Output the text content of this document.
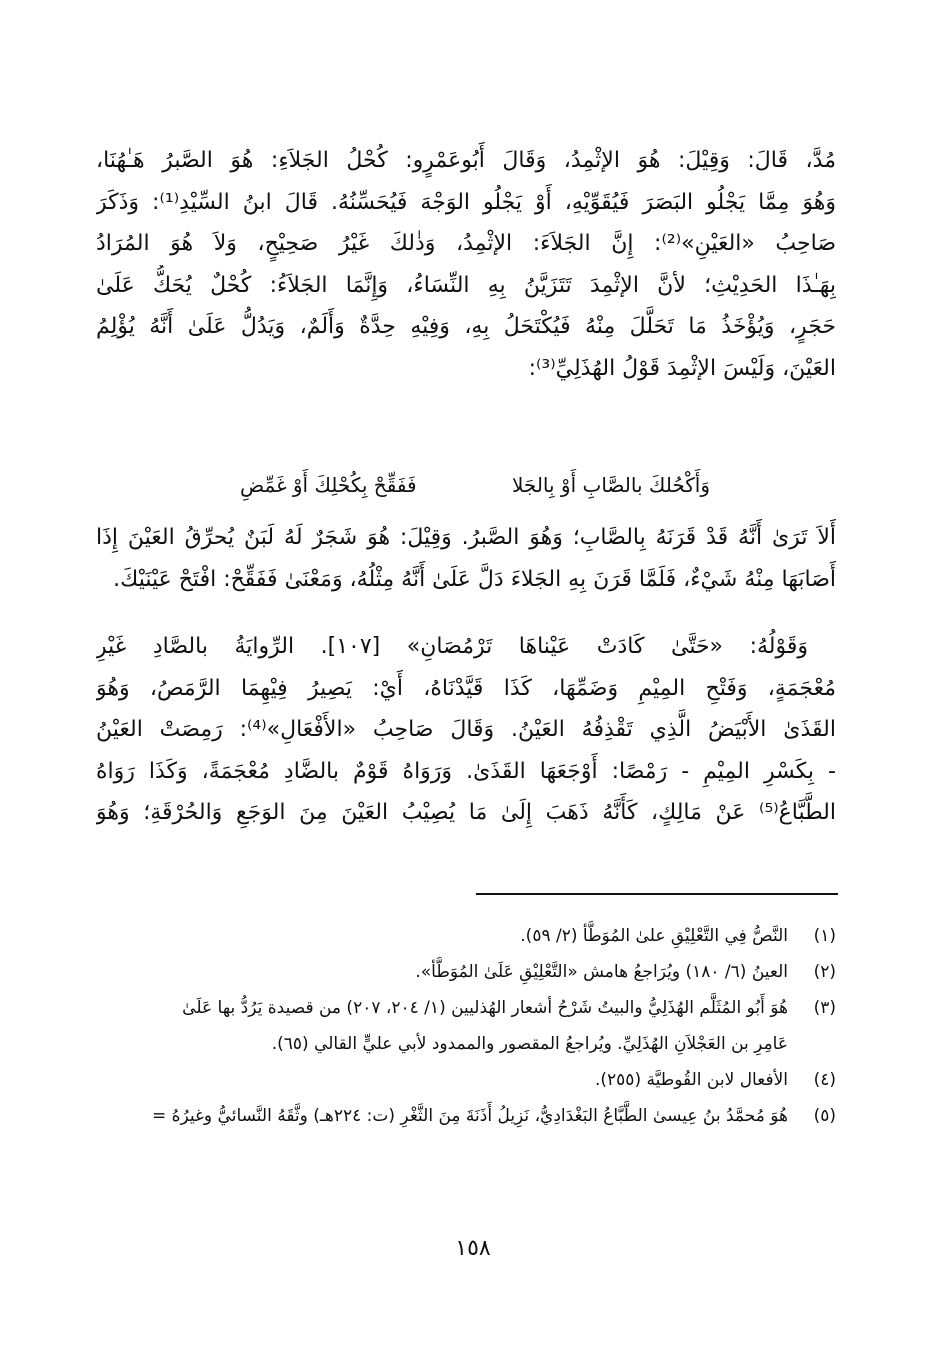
مُدَّ، قَالَ: وَقِيْلَ: هُوَ الإثْمِدُ، وَقَالَ أَبُوعَمْرٍو: كُحْلُ الجَلاَءِ: هُوَ الصَّبرُ هَـٰهُنَا،
وَهُوَ مِمَّا يَجْلُو البَصَرَ فَيُقَوِّيْهِ، أَوْ يَجْلُو الوَجْهَ فَيُحَسِّنُهُ. قَالَ ابنُ السِّيْدِ⁽¹⁾: وَذَكَرَ
صَاحِبُ «العَيْنِ»⁽²⁾: إِنَّ الجَلاَءَ: الإثْمِدُ، وَذٰلكَ غَيْرُ صَحِيْحٍ، وَلاَ هُوَ المُرَادُ
بِهَـٰذَا الحَدِيْثِ؛ لأنَّ الإثْمِدَ تَتَزَيَّنُ بِهِ النِّسَاءُ، وَإِنَّمَا الجَلاَءُ: كُحْلٌ يُحَكُّ عَلَىٰ
حَجَرٍ، وَيُؤْخَذُ مَا تَحَلَّلَ مِنْهُ فَيُكْتَحَلُ بِهِ، وَفِيْهِ حِدَّةٌ وَأَلَمٌ، وَيَدُلُّ عَلَىٰ أَنَّهُ يُؤْلِمُ
العَيْنَ، وَلَيْسَ الإثْمِدَ قَوْلُ الهُذَلِيِّ⁽³⁾:
وَأَكْحُلكَ بالصَّابِ أَوْ بِالجَلا
فَفَقِّحْ بِكُحْلِكَ أَوْ غَمِّضِ
أَلاَ تَرَىٰ أَنَّهُ قَدْ قَرَنَهُ بِالصَّابِ؛ وَهُوَ الصَّبرُ. وَقِيْلَ: هُوَ شَجَرٌ لَهُ لَبَنٌ يُحرِّقُ العَيْنَ إِذَا
أَصَابَهَا مِنْهُ شَيْءٌ، فَلَمَّا قَرَنَ بِهِ الجَلاءَ دَلَّ عَلَىٰ أَنَّهُ مِثْلُهُ، وَمَعْنَىٰ فَفَقِّحْ: افْتَحْ عَيْنَيْكَ.
وَقَوْلُهُ: «حَتَّىٰ كَادَتْ عَيْناهَا تَرْمُصَانِ» [١٠٧]. الرِّوايَةُ بالصَّادِ غَيْرِ
مُعْجَمَةٍ، وَفَتْحِ المِيْمِ وَضَمِّهَا، كَذَا قَيَّدْنَاهُ، أَيْ: يَصِيرُ فِيْهِمَا الرَّمَصُ، وَهُوَ
القَذَىٰ الأَبْيَضُ الَّذِي تَقْذِفُهُ العَيْنُ. وَقَالَ صَاحِبُ «الأَفْعَالِ»⁽⁴⁾: رَمِصَتْ العَيْنُ
- بِكَسْرِ المِيْمِ - رَمْصًا: أَوْجَعَهَا القَذَىٰ. وَرَوَاهُ قَوْمٌ بالضَّادِ مُعْجَمَةً، وَكَذَا رَوَاهُ
الطَّبَّاعُ⁽⁵⁾ عَنْ مَالِكٍ، كَأَنَّهُ ذَهَبَ إِلَىٰ مَا يُصِيْبُ العَيْنَ مِنَ الوَجَعِ وَالحُرْقَةِ؛ وَهُوَ
(١)
النَّصُّ فِي التَّعْلِيْقِ علىٰ المُوَطَّأ (٢/ ٥٩).
(٢)
العينُ (٦/ ١٨٠) ويُرَاجعُ هامش «التَّعْلِيْقِ عَلَىٰ المُوَطَّأ».
(٣)
هُوَ أَبُو المُثَلَّم الهُذَلِيُّ والبيتُ شَرْحُ أشعار الهُذليين (١/ ٢٠٤، ٢٠٧) من قصيدة يَرُدُّ بها عَلَىٰ
عَامِرِ بن العَجْلاَنِ الهُذَلِيِّ. ويُراجعُ المقصور والممدود لأبي عليٍّ القالي (٦٥).
(٤)
الأفعال لابن القُوطيَّة (٢٥٥).
(٥)
هُوَ مُحمَّدُ بنُ عِيسىٰ الطَّبَّاعُ البَغْدَادِيُّ، نَزِيلُ أَذَنَةَ مِنَ الثَّغْرِ (ت: ٢٢٤هـ) وثَّقَهُ النَّسائيُّ وغيرُهُ =
١٥٨
